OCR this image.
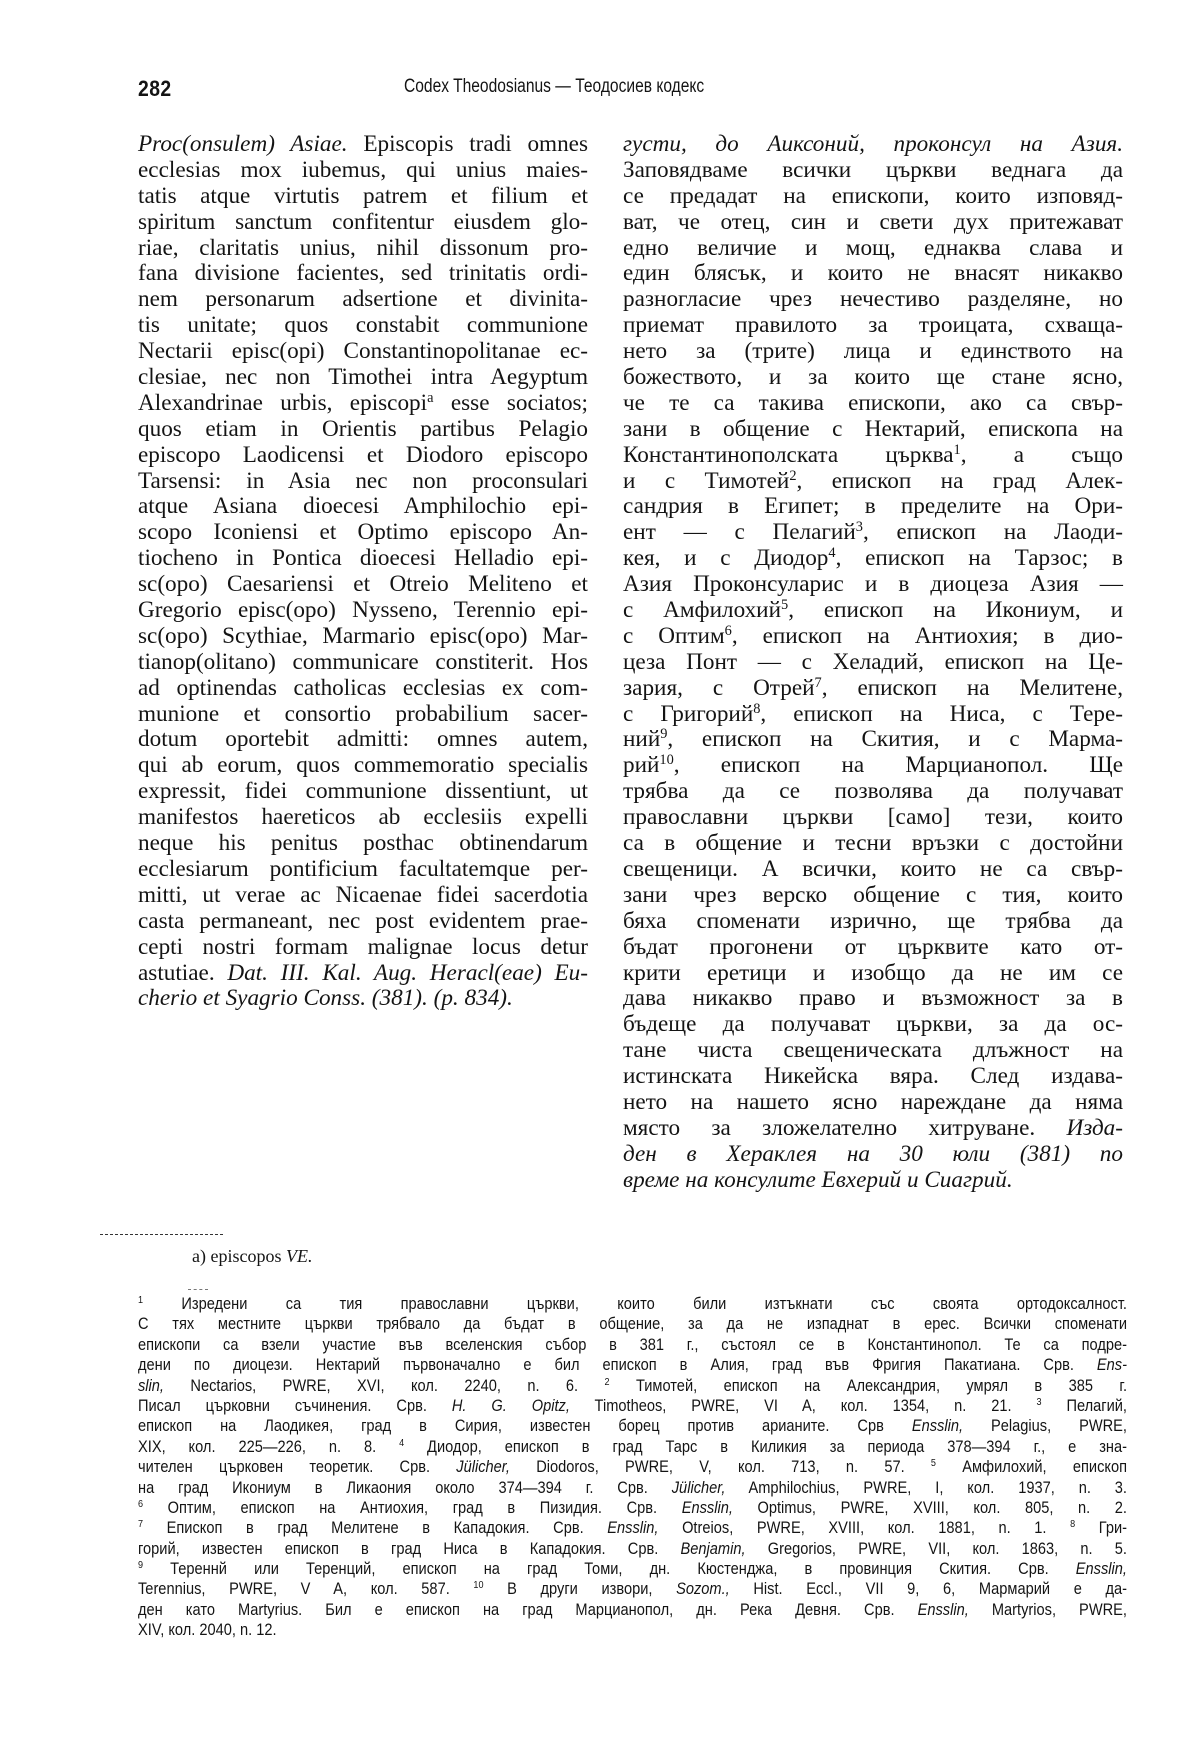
282	Codex Theodosianus — Теодосиев кодекс
Proc(onsulem) Asiae. Episcopis tradi omnes
ecclesias mox iubemus, qui unius maies-
tatis atque virtutis patrem et filium et
spiritum sanctum confitentur eiusdem glo-
riae, claritatis unius, nihil dissonum pro-
fana divisione facientes, sed trinitatis ordi-
nem personarum adsertione et divinita-
tis unitate; quos constabit communione
Nectarii episc(opi) Constantinopolitanae ec-
clesiae, nec non Timothei intra Aegyptum
Alexandrinae urbis, episcopi$^a$ esse sociatos;
quos etiam in Orientis partibus Pelagio
episcopo Laodicensi et Diodoro episcopo
Tarsensi: in Asia nec non proconsulari
atque Asiana dioecesi Amphilochio epi-
scopo Iconiensi et Optimo episcopo An-
tiocheno in Pontica dioecesi Helladio epi-
sc(opo) Caesariensi et Otreio Meliteno et
Gregorio episc(opo) Nysseno, Terennio epi-
sc(opo) Scythiae, Marmario episc(opo) Mar-
tianop(olitano) communicare constiterit. Hos
ad optinendas catholicas ecclesias ex com-
munione et consortio probabilium sacer-
dotum oportebit admitti: omnes autem,
qui ab eorum, quos commemoratio specialis
expressit, fidei communione dissentiunt, ut
manifestos haereticos ab ecclesiis expelli
neque his penitus posthac obtinendarum
ecclesiarum pontificium facultatemque per-
mitti, ut verae ac Nicaenae fidei sacerdotia
casta permaneant, nec post evidentem prae-
cepti nostri formam malignae locus detur
astutiae. Dat. III. Kal. Aug. Heracl(eae) Eu-
cherio et Syagrio Conss. (381). (p. 834).
густи, до Auксоний, проконсул на Азия.
Заповядваме всички църкви веднага да
се предадат на епископи, които изповяд-
ват, че отец, син и свети дух притежават
едно величие и мощ, еднаква слава и
един блясък, и които не внасят никакво
разногласие чрез нечестиво разделяне, но
приемат правилото за троицата, схваща-
нето за (трите) лица и единството на
божеството, и за които ще стане ясно,
че те са такива епископи, ако са свър-
зани в общение с Нектарий, епископа на
Константинополската църква$^1$, а също
и с Тимотей$^2$, епископ на град Алек-
сандрия в Египет; в пределите на Ори-
ент — с Пелагий$^3$, епископ на Лаоди-
кея, и с Диодор$^4$, епископ на Тарзос; в
Азия Проконсуларис и в диоцеза Азия —
с Амфилохий$^5$, епископ на Икониум, и
с Оптим$^6$, епископ на Антиохия; в дио-
цеза Понт — с Хеладий, епископ на Це-
зария, с Отрей$^7$, епископ на Мелитене,
с Григорий$^8$, епископ на Ниса, с Тере-
ний$^9$, епископ на Скития, и с Марма-
рий$^{10}$, епископ на Марцианопол. Ще
трябва да се позволява да получават
православни църкви [само] тези, които
са в общение и тесни връзки с достойни
свещеници. А всички, които не са свър-
зани чрез верско общение с тия, които
бяха споменати изрично, ще трябва да
бъдат прогонени от църквите като от-
крити еретици и изобщо да не им се
дава никакво право и възможност за в
бъдеще да получават църкви, за да ос-
тане чиста свещеническата длъжност на
истинската Никейска вяра. След издава-
нето на нашето ясно нареждане да няма
място за зложелателно хитруване. Изда-
ден в Хераклея на 30 юли (381) по
време на консулите Евхерий и Сиагрий.
a) episcopos VE.
$^1$ Изредени са тия православни църкви, които били изтъкнати със своята ортодоксалност.
С тях местните църкви трябвало да бъдат в общение, за да не изпаднат в ерес. Всички споменати
епископи са взели участие във вселенския събор в 381 г., състоял се в Константинопол. Те са подре-
дени по диоцези. Нектарий първоначално е бил епископ в Алия, град във Фригия Пакатиана. Срв. Ens-
slin, Nectarios, PWRE, XVI, кол. 2240, n. 6. $^2$ Тимотей, епископ на Александрия, умрял в 385 г.
Писал църковни съчинения. Срв. H. G. Opitz, Timotheos, PWRE, VI A, кол. 1354, n. 21. $^3$ Пелагий,
епископ на Лаодикея, град в Сирия, известен борец против арианите. Срв Ensslin, Pelagius, PWRE,
XIX, кол. 225—226, n. 8. $^4$ Диодор, епископ в град Тарс в Киликия за периода 378—394 г., е зна-
чителен църковен теоретик. Срв. Jülicher, Diodoros, PWRE, V, кол. 713, n. 57. $^5$ Амфилохий, епископ
на град Икониум в Ликаония около 374—394 г. Срв. Jülicher, Amphilochius, PWRE, I, кол. 1937, n. 3.
$^6$ Оптим, епископ на Антиохия, град в Пизидия. Срв. Ensslin, Optimus, PWRE, XVIII, кол. 805, n. 2.
$^7$ Епископ в град Мелитене в Кападокия. Срв. Ensslin, Otreios, PWRE, XVIII, кол. 1881, n. 1. $^8$ Гри-
горий, известен епископ в град Ниса в Кападокия. Срв. Benjamin, Gregorios, PWRE, VII, кол. 1863, n. 5.
$^9$ Тереннй или Теренций, епископ на град Томи, дн. Кюстенджа, в провинция Скития. Срв. Ensslin,
Terennius, PWRE, V A, кол. 587. $^{10}$ В други извори, Sozom., Hist. Eccl., VII 9, 6, Мармарий е да-
ден като Martyrius. Бил е епископ на град Марцианопол, дн. Река Девня. Срв. Ensslin, Martyrios, PWRE,
XIV, кол. 2040, n. 12.
